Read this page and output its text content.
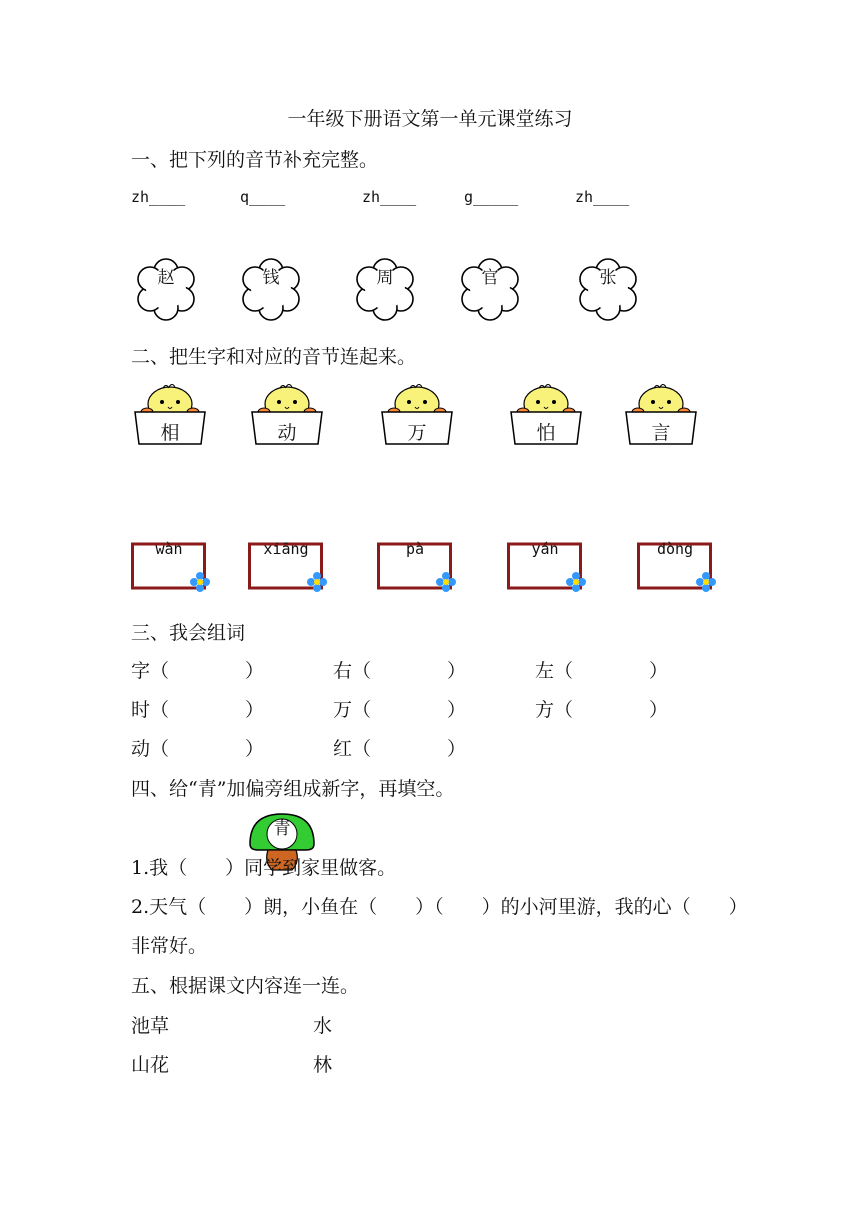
一年级下册语文第一单元课堂练习
一、把下列的音节补充完整。
zh____	q____	zh____	g_____	zh____
赵	钱	周	官	张
二、把生字和对应的音节连起来。
相	动	万	怕	言
wàn	xiāng	pà	yán	dòng
三、我会组词
字（　　　　）	右（　　　　）	左（　　　　）
时（　　　　）	万（　　　　）	方（　　　　）
动（　　　　）	红（　　　　）
四、给“青”加偏旁组成新字，再填空。
青
1.我（　　）同学到家里做客。
2.天气（　　）朗，小鱼在（　　）（　　）的小河里游，我的心（　　）
非常好。
五、根据课文内容连一连。
池草	水
山花	林
